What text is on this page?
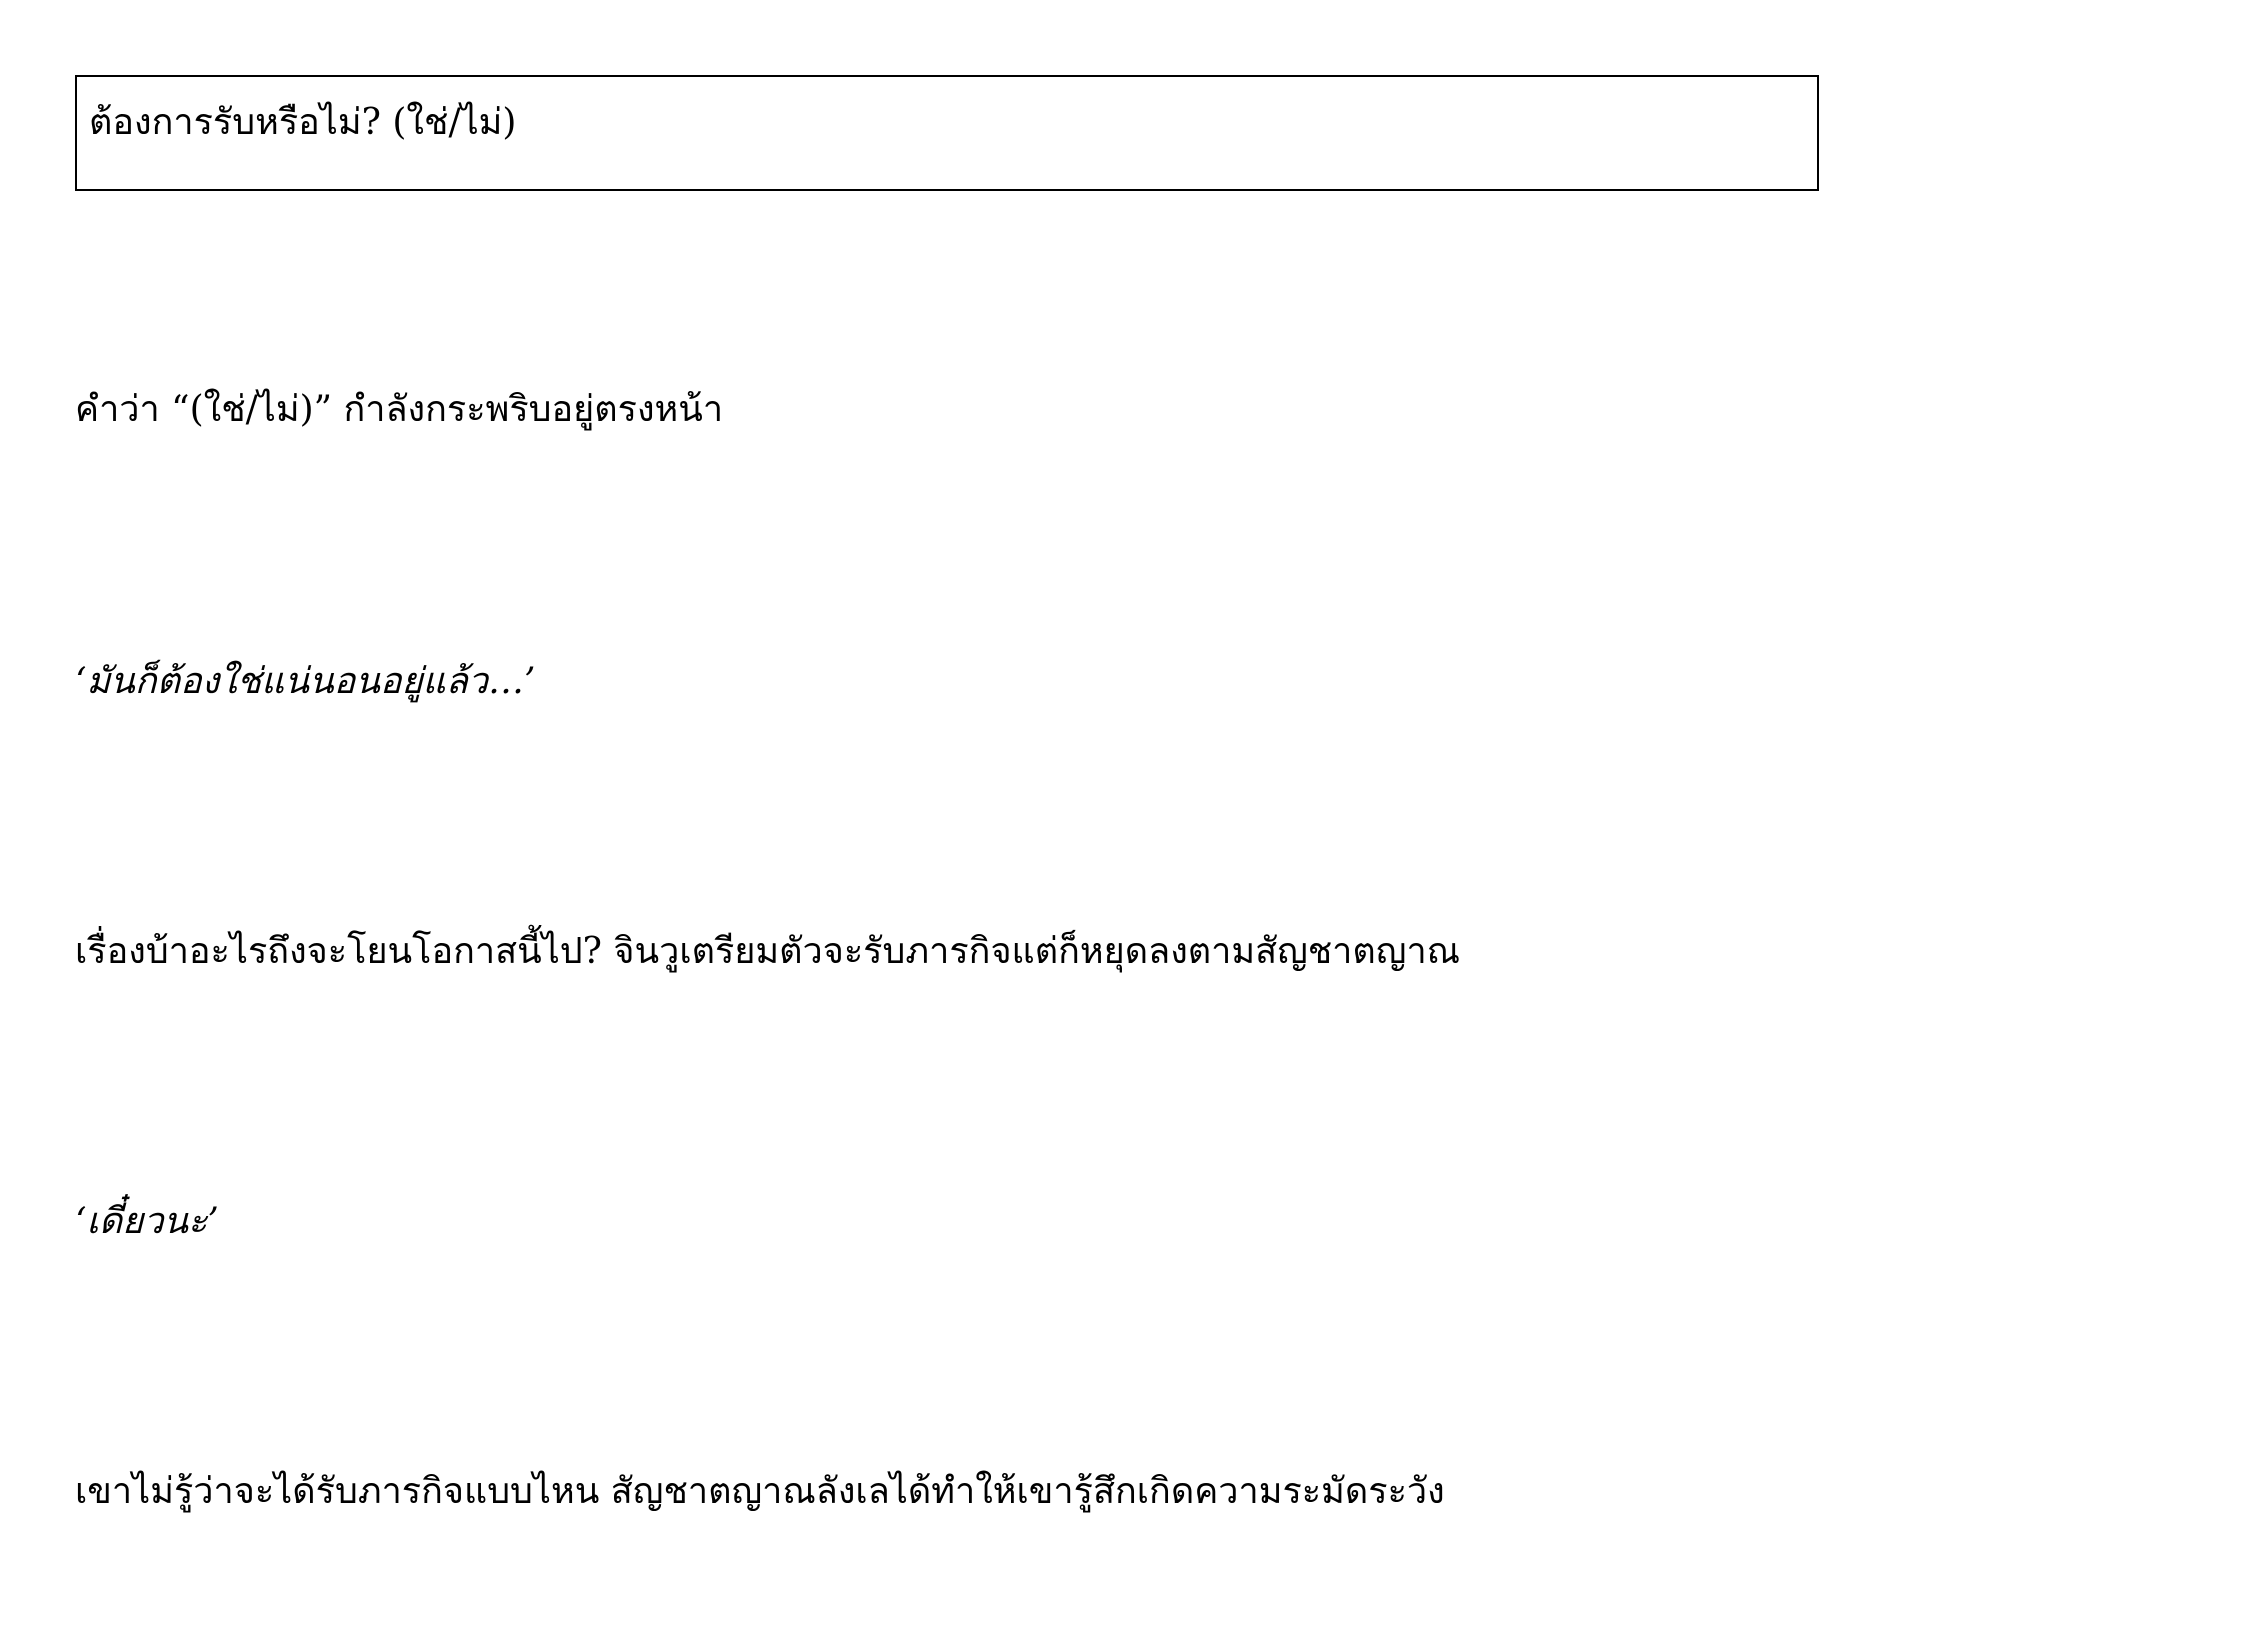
ต้องการรับหรือไม่? (ใช่/ไม่)

คำว่า “(ใช่/ไม่)” กำลังกระพริบอยู่ตรงหน้า

‘มันก็ต้องใช่แน่นอนอยู่แล้ว…’

เรื่องบ้าอะไรถึงจะโยนโอกาสนี้ไป? จินวูเตรียมตัวจะรับภารกิจแต่ก็หยุดลงตามสัญชาตญาณ

‘เดี๋ยวนะ’

เขาไม่รู้ว่าจะได้รับภารกิจแบบไหน สัญชาตญาณลังเลได้ทำให้เขารู้สึกเกิดความระมัดระวัง
